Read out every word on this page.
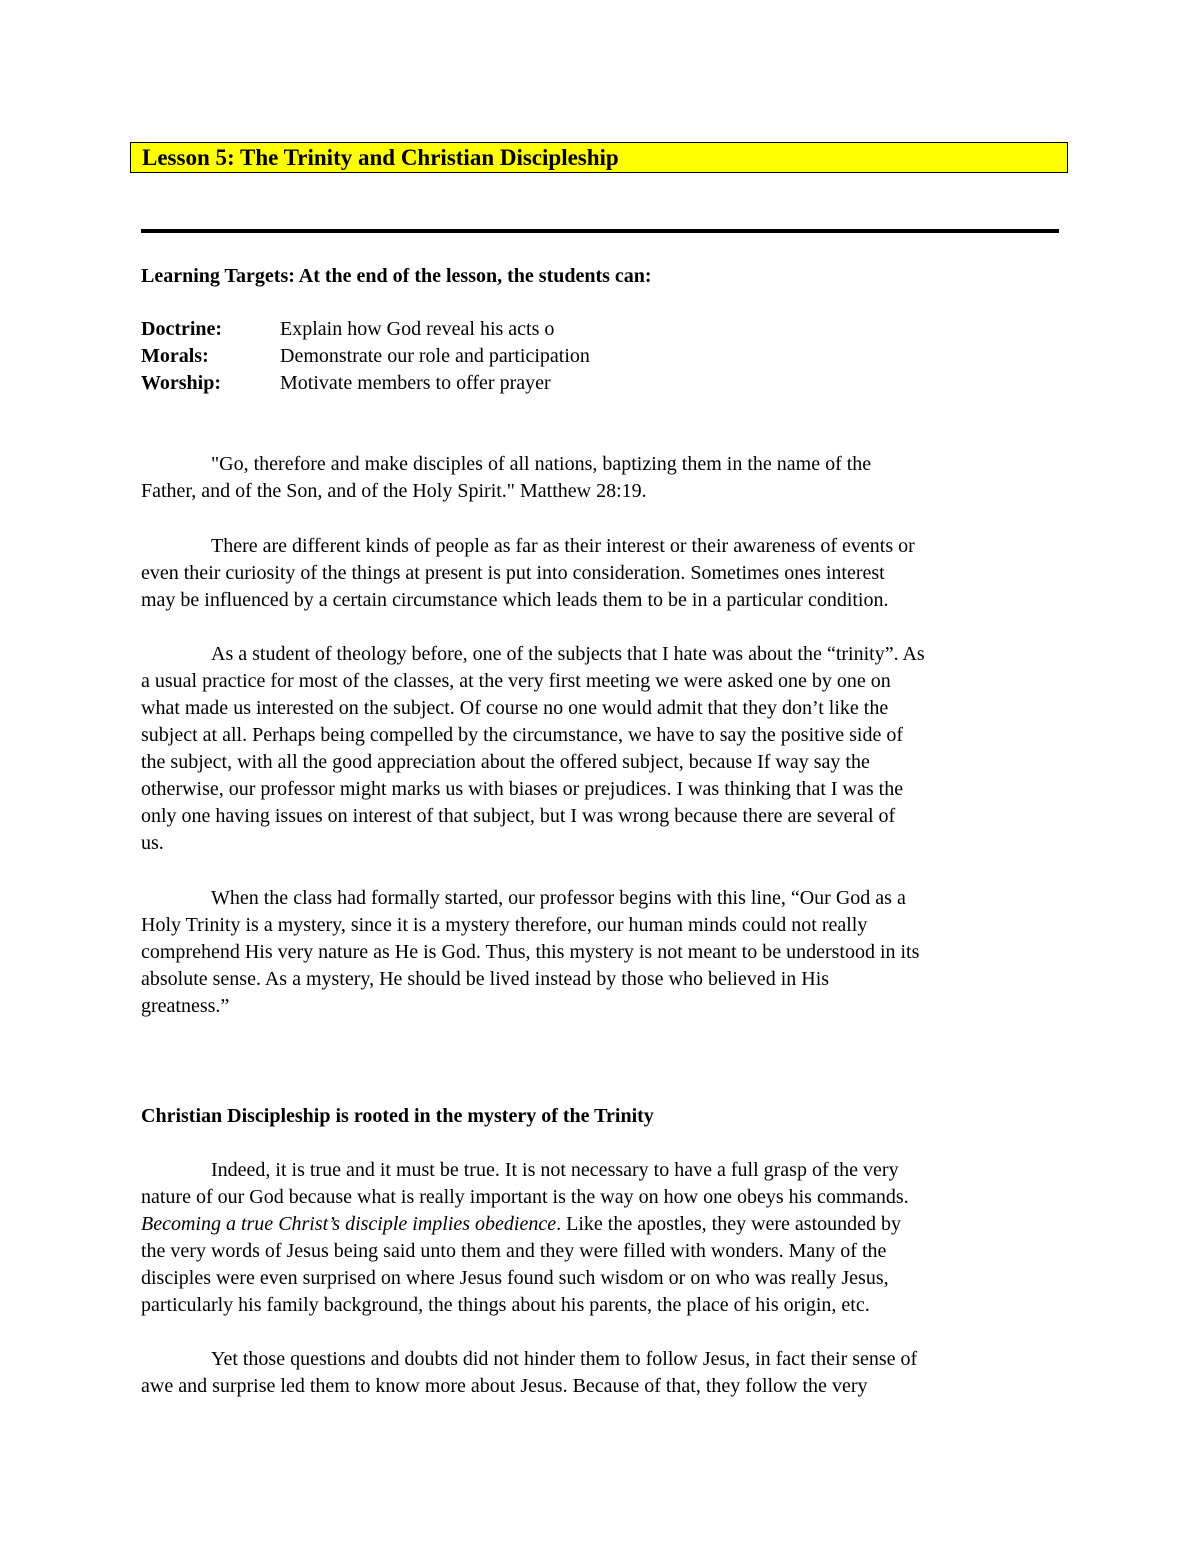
Lesson 5: The Trinity and Christian Discipleship
Learning Targets: At the end of the lesson, the students can:
Doctrine:	Explain how God reveal his acts o
Morals:	Demonstrate our role and participation
Worship:	Motivate members to offer prayer
"Go, therefore and make disciples of all nations, baptizing them in the name of the
Father, and of the Son, and of the Holy Spirit." Matthew 28:19.
There are different kinds of people as far as their interest or their awareness of events or
even their curiosity of the things at present is put into consideration. Sometimes ones interest
may be influenced by a certain circumstance which leads them to be in a particular condition.
As a student of theology before, one of the subjects that I hate was about the “trinity”. As
a usual practice for most of the classes, at the very first meeting we were asked one by one on
what made us interested on the subject. Of course no one would admit that they don’t like the
subject at all. Perhaps being compelled by the circumstance, we have to say the positive side of
the subject, with all the good appreciation about the offered subject, because If way say the
otherwise, our professor might marks us with biases or prejudices. I was thinking that I was the
only one having issues on interest of that subject, but I was wrong because there are several of
us.
When the class had formally started, our professor begins with this line, “Our God as a
Holy Trinity is a mystery, since it is a mystery therefore, our human minds could not really
comprehend His very nature as He is God. Thus, this mystery is not meant to be understood in its
absolute sense. As a mystery, He should be lived instead by those who believed in His
greatness.”
Christian Discipleship is rooted in the mystery of the Trinity
Indeed, it is true and it must be true. It is not necessary to have a full grasp of the very
nature of our God because what is really important is the way on how one obeys his commands.
Becoming a true Christ’s disciple implies obedience. Like the apostles, they were astounded by
the very words of Jesus being said unto them and they were filled with wonders. Many of the
disciples were even surprised on where Jesus found such wisdom or on who was really Jesus,
particularly his family background, the things about his parents, the place of his origin, etc.
Yet those questions and doubts did not hinder them to follow Jesus, in fact their sense of
awe and surprise led them to know more about Jesus. Because of that, they follow the very
